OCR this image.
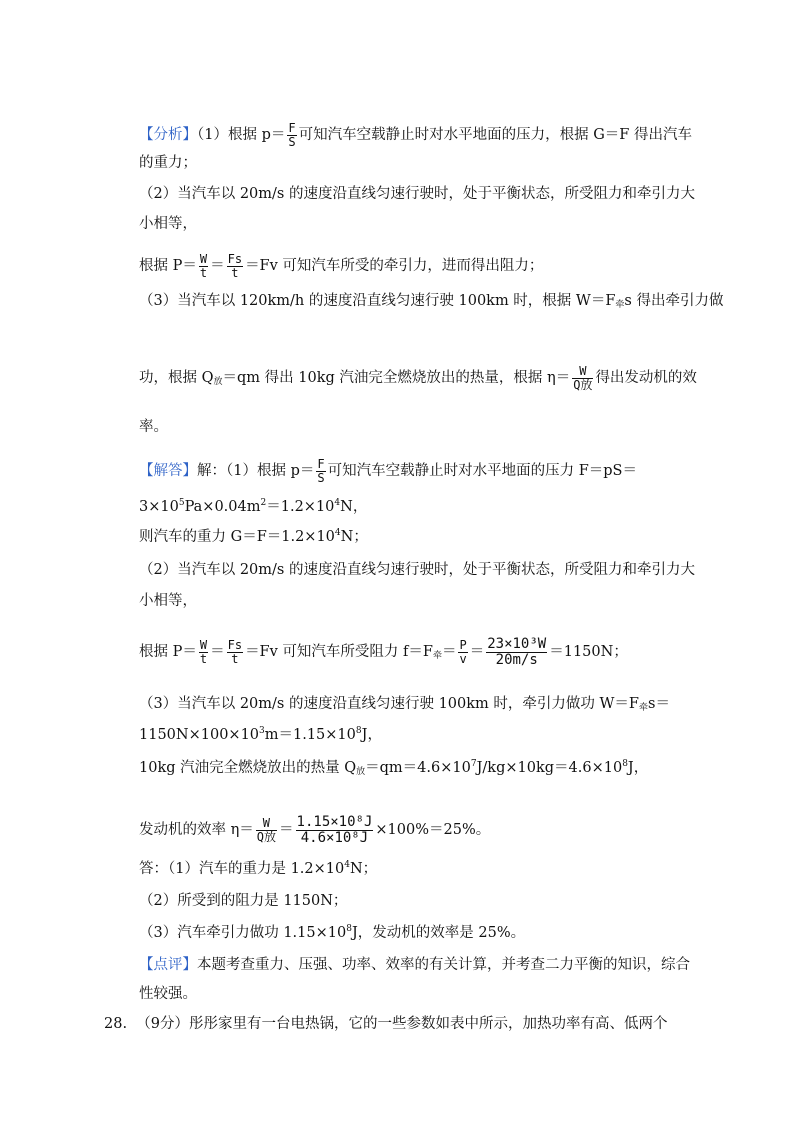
【分析】（1）根据 $p= \frac{F}{S}$ 可知汽车空载静止时对水平地面的压力，根据 G＝F 得出汽车
的重力；
（2）当汽车以 20m/s 的速度沿直线匀速行驶时，处于平衡状态，所受阻力和牵引力大
小相等，
根据 $P= \frac{W}{t} = \frac{Fs}{t} =Fv$ 可知汽车所受的牵引力，进而得出阻力；
（3）当汽车以 120km/h 的速度沿直线匀速行驶 100km 时，根据 $W=F_牵s$ 得出牵引力做
功，根据 $Q_放=qm$ 得出 10kg 汽油完全燃烧放出的热量，根据 $\eta= \frac{W}{\text{Q放}}$ 得出发动机的效
率。
【解答】解：（1）根据 $p= \frac{F}{S}$ 可知汽车空载静止时对水平地面的压力 F＝pS＝
$3\times 10^5Pa\times 0.04m^2=1.2\times 10^4N$，
则汽车的重力 $G=F=1.2\times 10^4N$；
（2）当汽车以 20m/s 的速度沿直线匀速行驶时，处于平衡状态，所受阻力和牵引力大
小相等，
根据 $P= \frac{W}{t} = \frac{Fs}{t} =Fv$ 可知汽车所受阻力 $f=F_牵= \frac{P}{v} = \frac{\text{23×10³W}}{20m/s} =1150N$；
（3）当汽车以 20m/s 的速度沿直线匀速行驶 100km 时，牵引力做功 $W=F_牵s=$
$1150N\times 100\times 10^3m=1.15\times 10^8J$，
10kg 汽油完全燃烧放出的热量 $Q_放=qm=4.6\times 10^7J/kg\times 10kg=4.6\times 10^8J$，
发动机的效率 $\eta= \frac{W}{\text{Q放}} = \frac{\text{1.15×10⁸J}}{\text{4.6×10⁸J}} \times 100\%=25\%$。
答：（1）汽车的重力是 $1.2\times 10^4N$；
（2）所受到的阻力是 1150N；
（3）汽车牵引力做功 $1.15\times 10^8J$，发动机的效率是 25%。
【点评】本题考查重力、压强、功率、效率的有关计算，并考查二力平衡的知识，综合
性较强。
28. （9分）彤彤家里有一台电热锅，它的一些参数如表中所示，加热功率有高、低两个
